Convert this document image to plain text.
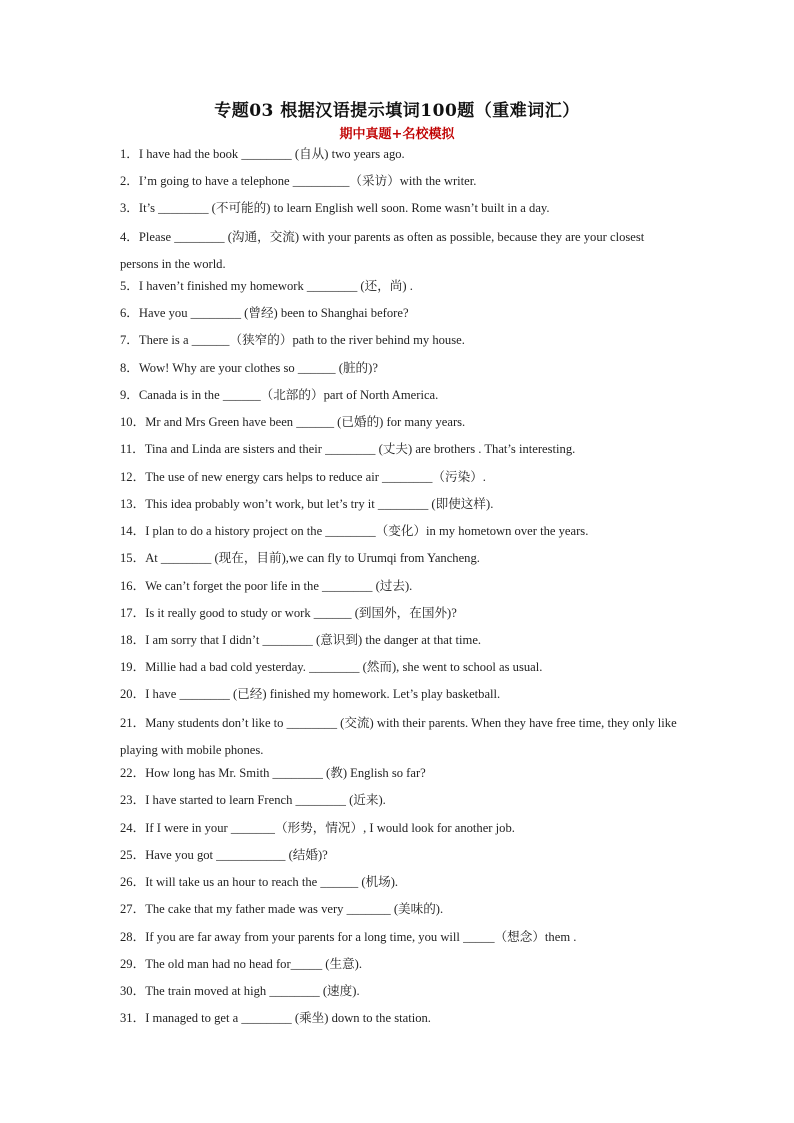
专题03 根据汉语提示填词100题（重难词汇）
期中真题+名校模拟
1．I have had the book ________ (自从) two years ago.
2．I’m going to have a telephone _________（采访）with the writer.
3．It’s ________ (不可能的) to learn English well soon. Rome wasn’t built in a day.
4．Please ________ (沟通，交流) with your parents as often as possible, because they are your closest persons in the world.
5．I haven’t finished my homework ________ (还，尚) .
6．Have you ________ (曾经) been to Shanghai before?
7．There is a ______（狭窄的）path to the river behind my house.
8．Wow! Why are your clothes so ______ (脏的)?
9．Canada is in the ______（北部的）part of North America.
10．Mr and Mrs Green have been ______ (已婚的) for many years.
11．Tina and Linda are sisters and their ________ (丈夫) are brothers . That’s interesting.
12．The use of new energy cars helps to reduce air ________（污染）.
13．This idea probably won’t work, but let’s try it ________ (即使这样).
14．I plan to do a history project on the ________（变化）in my hometown over the years.
15．At ________ (现在，目前),we can fly to Urumqi from Yancheng.
16．We can’t forget the poor life in the ________ (过去).
17．Is it really good to study or work ______ (到国外，在国外)?
18．I am sorry that I didn’t ________ (意识到) the danger at that time.
19．Millie had a bad cold yesterday. ________ (然而), she went to school as usual.
20．I have ________ (已经) finished my homework. Let’s play basketball.
21．Many students don’t like to ________ (交流) with their parents. When they have free time, they only like playing with mobile phones.
22．How long has Mr. Smith ________ (教) English so far?
23．I have started to learn French ________ (近来).
24．If I were in your _______（形势，情况）, I would look for another job.
25．Have you got ___________ (结婚)?
26．It will take us an hour to reach the ______ (机场).
27．The cake that my father made was very _______ (美味的).
28．If you are far away from your parents for a long time, you will _____（想念）them .
29．The old man had no head for_____ (生意).
30．The train moved at high ________ (速度).
31．I managed to get a ________ (乘坐) down to the station.
